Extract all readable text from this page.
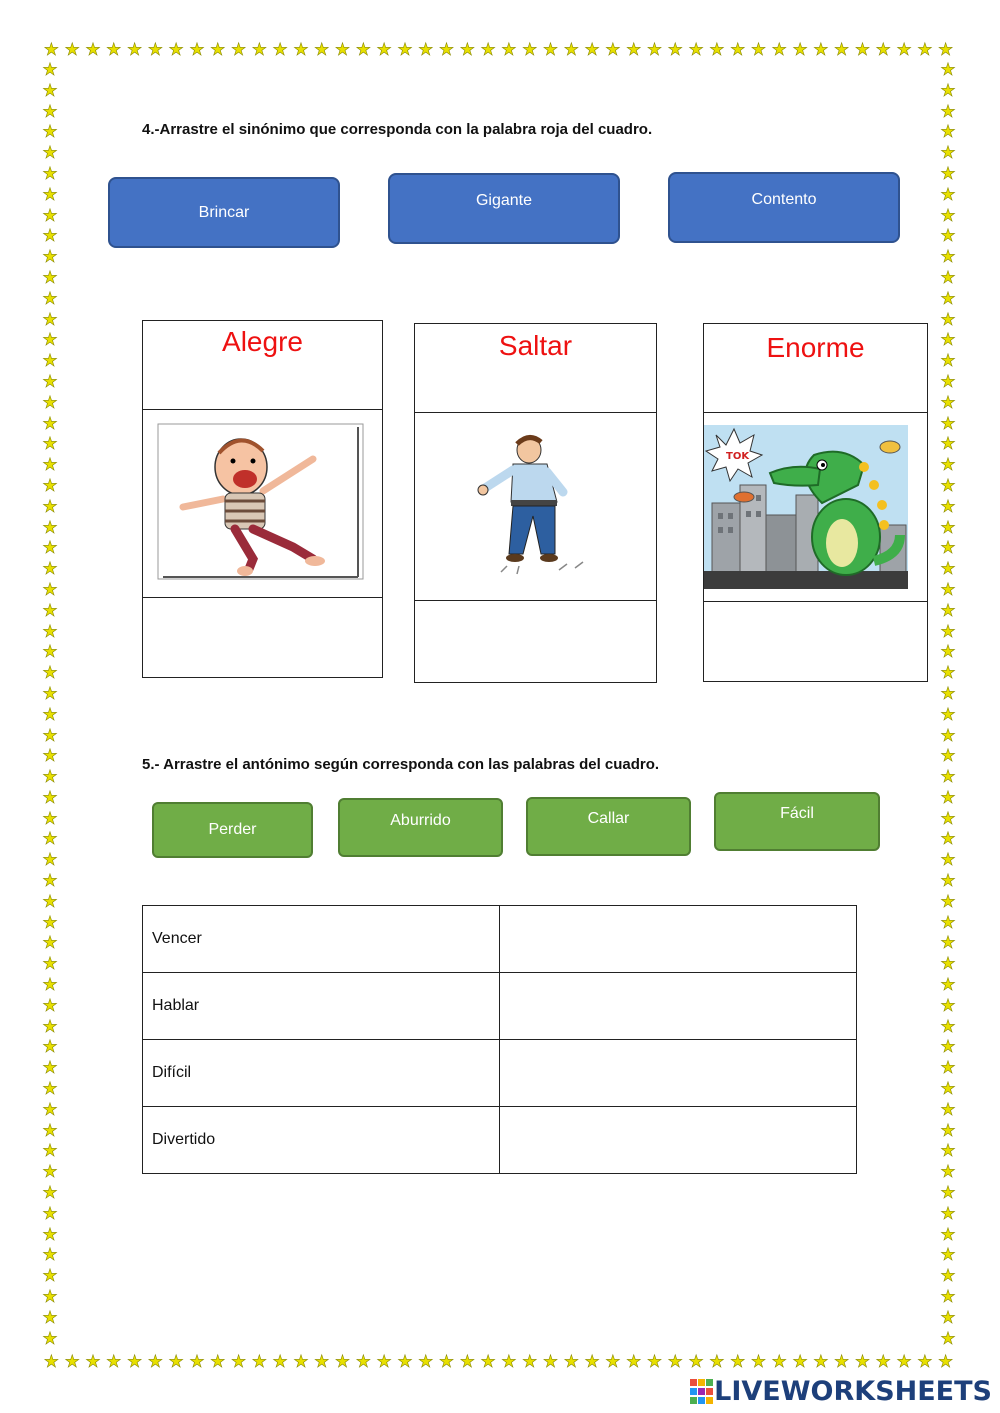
★ ★ ★ ★ ★ ★ ★ ★ ★ ★ ★ ★ ★ ★ ★ ★ ★ ★ ★ ★ ★ ★ ★ ★ ★ ★ ★ ★ ★ ★ ★ ★ ★ ★ ★ ★ ★ ★ ★ ★ ★ ★ ★ ★
★ ★ ★ ★ ★ ★ ★ ★ ★ ★ ★ ★ ★ ★ ★ ★ ★ ★ ★ ★ ★ ★ ★ ★ ★ ★ ★ ★ ★ ★ ★ ★ ★ ★ ★ ★ ★ ★ ★ ★ ★ ★ ★ ★
★
★
★
★
★
★
★
★
★
★
★
★
★
★
★
★
★
★
★
★
★
★
★
★
★
★
★
★
★
★
★
★
★
★
★
★
★
★
★
★
★
★
★
★
★
★
★
★
★
★
★
★
★
★
★
★
★
★
★
★
★
★
★
★
★
★
★
★
★
★
★
★
★
★
★
★
★
★
★
★
★
★
★
★
★
★
★
★
★
★
★
★
★
★
★
★
★
★
★
★
★
★
★
★
★
★
★
★
★
★
★
★
★
★
★
★
★
★
★
★
★
★
★
★
4.-Arrastre el sinónimo que corresponda con la palabra roja del cuadro.
Brincar
Gigante	Contento
Alegre	Saltar	Enorme
TOK
5.- Arrastre el antónimo según corresponda con las palabras del cuadro.
Perder
Aburrido	Callar	Fácil
Vencer	
Hablar	
Difícil	
Divertido	
LIVEWORKSHEETS
